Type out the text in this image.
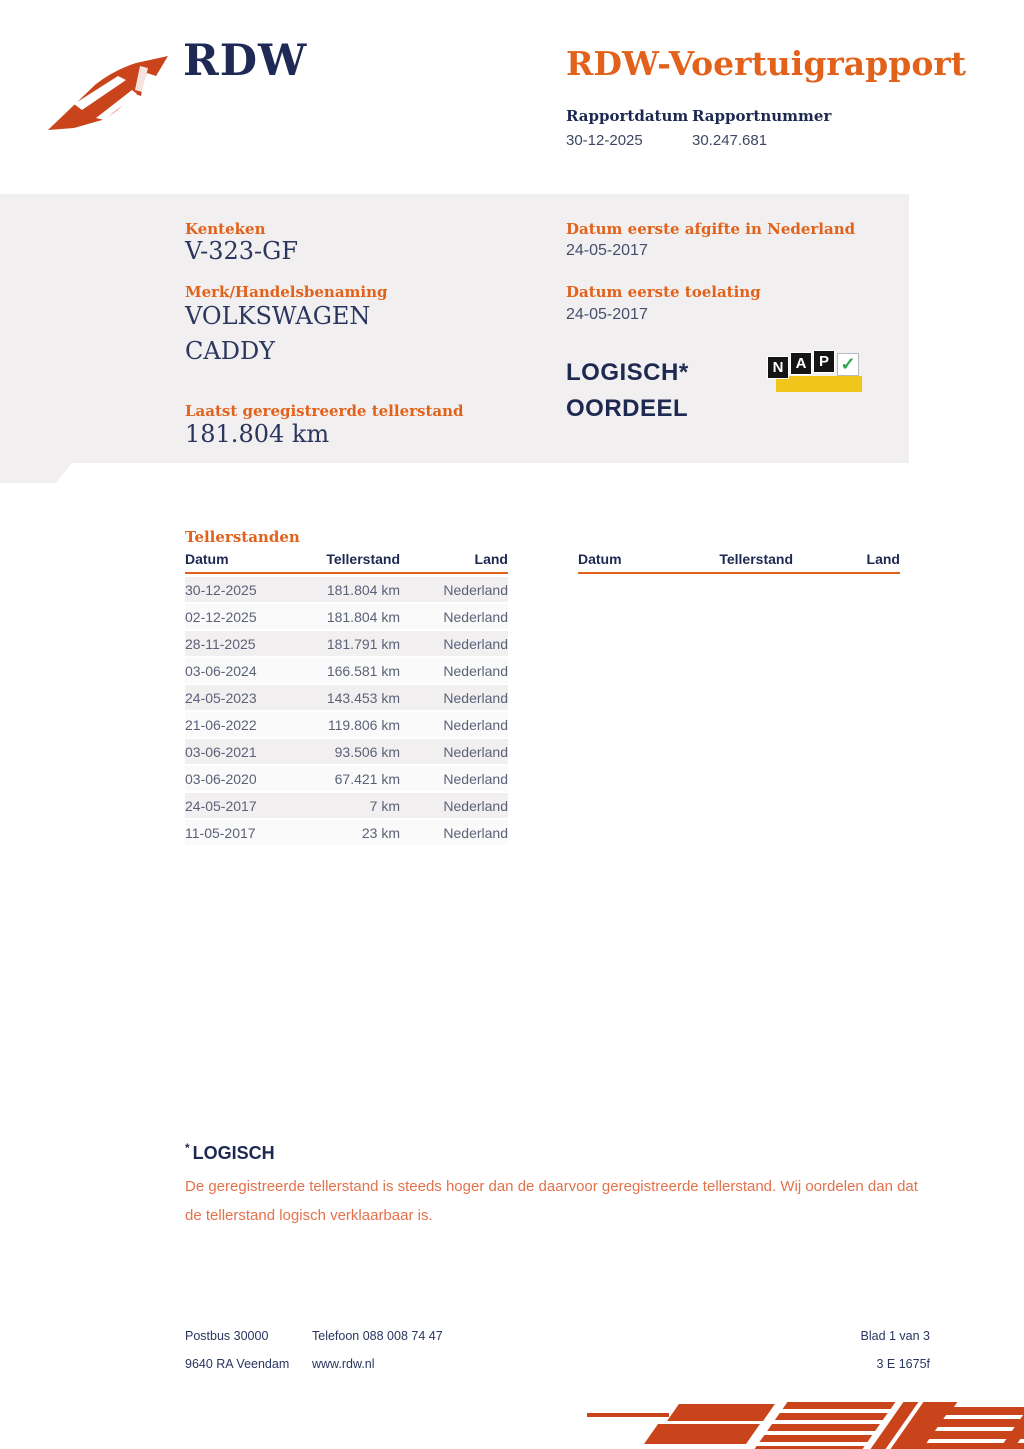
RDW	RDW-Voertuigrapport
Rapportdatum
30-12-2025
Rapportnummer
30.247.681
Kenteken
V-323-GF
Merk/Handelsbenaming
VOLKSWAGEN
CADDY
Laatst geregistreerde tellerstand
181.804 km
Datum eerste afgifte in Nederland
24-05-2017
Datum eerste toelating
24-05-2017
LOGISCH*
OORDEEL
N A P ✓
Tellerstanden
Datum	Tellerstand	Land
30-12-2025	181.804 km	Nederland
02-12-2025	181.804 km	Nederland
28-11-2025	181.791 km	Nederland
03-06-2024	166.581 km	Nederland
24-05-2023	143.453 km	Nederland
21-06-2022	119.806 km	Nederland
03-06-2021	93.506 km	Nederland
03-06-2020	67.421 km	Nederland
24-05-2017	7 km	Nederland
11-05-2017	23 km	Nederland
Datum	Tellerstand	Land
* LOGISCH
De geregistreerde tellerstand is steeds hoger dan de daarvoor geregistreerde tellerstand. Wij oordelen dan dat de tellerstand logisch verklaarbaar is.
Postbus 30000
9640 RA Veendam
Telefoon 088 008 74 47
www.rdw.nl
Blad 1 van 3
3 E 1675f
